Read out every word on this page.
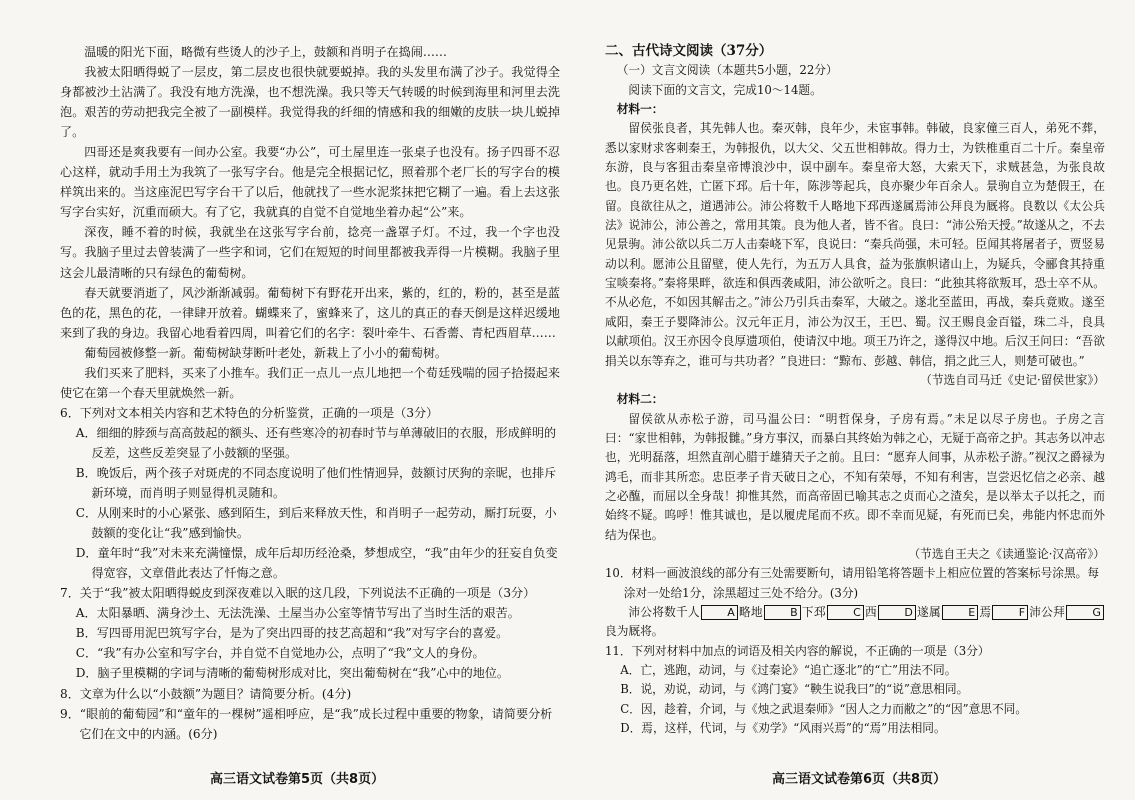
温暖的阳光下面，略微有些烫人的沙子上，鼓额和肖明子在捣闹……

我被太阳晒得蜕了一层皮，第二层皮也很快就要蜕掉。我的头发里布满了沙子。我觉得全身都被沙土沾满了。我没有地方洗澡，也不想洗澡。我只等天气转暖的时候到海里和河里去洗泡。艰苦的劳动把我完全被了一副模样。我觉得我的纤细的情感和我的细嫩的皮肤一块儿蜕掉了。

四哥还是爽我要有一间办公室。我要“办公”，可土屋里连一张桌子也没有。扬子四哥不忍心这样，就动手用土为我筑了一张写字台。他是完全根据记忆，照着那个老厂长的写字台的模样筑出来的。当这座泥巴写字台干了以后，他就找了一些水泥浆抹把它糊了一遍。看上去这张写字台实好，沉重而硕大。有了它，我就真的自觉不自觉地坐着办起“公”来。

深夜，睡不着的时候，我就坐在这张写字台前，捻亮一盏罩子灯。不过，我一个字也没写。我脑子里过去曾装满了一些字和词，它们在短短的时间里都被我弄得一片模糊。我脑子里这会儿最清晰的只有绿色的葡萄树。

春天就要消逝了，风沙渐渐减弱。葡萄树下有野花开出来，紫的，红的，粉的，甚至是蓝色的花，黑色的花，一律肆开放着。蝴蝶来了，蜜蜂来了，这儿的真正的春天倒是这样迟缓地来到了我的身边。我留心地看着四周，叫着它们的名字：裂叶牵牛、石香薷、青杞西眉草……

葡萄园被修整一新。葡萄树缺芽断叶老处，新栽上了小小的葡萄树。

我们买来了肥料，买来了小推车。我们正一点儿一点儿地把一个荀廷残喘的园子拾掇起来使它在第一个春天里就焕然一新。

6．下列对文本相关内容和艺术特色的分析鉴赏，正确的一项是（3分）

A．细细的脖颈与高高鼓起的额头、还有些寒冷的初春时节与单薄破旧的衣服，形成鲜明的反差，这些反差突显了小鼓额的坚强。

B．晚饭后，两个孩子对斑虎的不同态度说明了他们性情迥异，鼓额讨厌狗的亲昵，也排斥新环境，而肖明子则显得机灵随和。

C．从刚来时的小心紧张、感到陌生，到后来释放天性，和肖明子一起劳动，厮打玩耍，小鼓额的变化让“我”感到愉快。

D．童年时“我”对未来充满憧憬，成年后却历经沧桑，梦想成空，“我”由年少的狂妄自负变得宽容，文章借此表达了忏悔之意。

7．关于“我”被太阳晒得蜕皮到深夜难以入眠的这几段，下列说法不正确的一项是（3分）

A．太阳暴晒、满身沙土、无法洗澡、土屋当办公室等情节写出了当时生活的艰苦。

B．写四哥用泥巴筑写字台，是为了突出四哥的技艺高超和“我”对写字台的喜爱。

C．“我”有办公室和写字台，并自觉不自觉地办公，点明了“我”文人的身份。

D．脑子里模糊的字词与清晰的葡萄树形成对比，突出葡萄树在“我”心中的地位。

8．文章为什么以“小鼓额”为题目？请简要分析。(4分)

9．“眼前的葡萄园”和“童年的一棵树”遥相呼应，是“我”成长过程中重要的物象，请简要分析它们在文中的内涵。(6分)

高三语文试卷第5页（共8页）

二、古代诗文阅读（37分）

（一）文言文阅读（本题共5小题，22分）

阅读下面的文言文，完成10～14题。

材料一：

留侯张良者，其先韩人也。秦灭韩，良年少，未宦事韩。韩破，良家僮三百人，弟死不葬，悉以家财求客刺秦王，为韩报仇，以大父、父五世相韩故。得力士，为铁椎重百二十斤。秦皇帝东游，良与客狙击秦皇帝博浪沙中，误中副车。秦皇帝大怒，大索天下，求贼甚急，为张良故也。良乃更名姓，亡匿下邳。后十年，陈涉等起兵，良亦聚少年百余人。景驹自立为楚假王，在留。良欲往从之，道遇沛公。沛公将数千人略地下邳西遂属焉沛公拜良为厩将。良数以《太公兵法》说沛公，沛公善之，常用其策。良为他人者，皆不省。良曰：“沛公殆天授。”故遂从之，不去见景驹。沛公欲以兵二万人击秦峣下军，良说曰：“秦兵尚强，未可轻。臣闻其将屠者子，贾竖易动以利。愿沛公且留壁，使人先行，为五万人具食，益为张旗帜诸山上，为疑兵，令郦食其持重宝啖秦将。”秦将果畔，欲连和俱西袭咸阳，沛公欲听之。良曰：“此独其将欲叛耳，恐士卒不从。不从必危，不如因其解击之。”沛公乃引兵击秦军，大破之。遂北至蓝田，再战，秦兵竟败。遂至咸阳，秦王子婴降沛公。汉元年正月，沛公为汉王，王巴、蜀。汉王赐良金百镒，珠二斗，良具以献项伯。汉王亦因令良厚遗项伯，使请汉中地。项王乃许之，遂得汉中地。后汉王问曰：“吾欲捐关以东等弃之，谁可与共功者？”良进曰：“黥布、彭越、韩信，捐之此三人，则楚可破也。”

（节选自司马迁《史记·留侯世家》）

材料二：

留侯欲从赤松子游，司马温公曰：“明哲保身，子房有焉。”未足以尽子房也。子房之言曰：“家世相韩，为韩报雠。”身方事汉，而暴白其终始为韩之心，无疑于高帝之护。其志务以冲志也，光明磊落，坦然直剖心腊于雄猜天子之前。且曰：“愿弃人间事，从赤松子游。”视汉之爵禄为鸿毛，而非其所恋。忠臣孝子肯天破日之心，不知有荣辱，不知有利害，岂尝迟忆信之必亲、越之必醢，而屈以全身哉！抑惟其然，而高帝固已喻其志之贞而心之渣矣，是以举太子以托之，而始终不疑。呜呼！惟其诚也，是以履虎尾而不疚。即不幸而见疑，有死而已矣，弗能内怀忠而外结为保也。

（节选自王夫之《读通鉴论·汉高帝》）

10．材料一画波浪线的部分有三处需要断句，请用铅笔将答题卡上相应位置的答案标号涂黑。每涂对一处给1分，涂黑超过三处不给分。(3分)

沛公将数千人 A 略地 B 下邳 C 西 D 遂属 E 焉 F 沛公拜 G良为厩将。

11．下列对材料中加点的词语及相关内容的解说，不正确的一项是（3分）

A．亡，逃跑，动词，与《过秦论》“追亡逐北”的“亡”用法不同。

B．说，劝说，动词，与《鸿门宴》“鞅生说我曰”的“说”意思相同。

C．因，趁着，介词，与《烛之武退秦师》“因人之力而敝之”的“因”意思不同。

D．焉，这样，代词，与《劝学》“风雨兴焉”的“焉”用法相同。

高三语文试卷第6页（共8页）
